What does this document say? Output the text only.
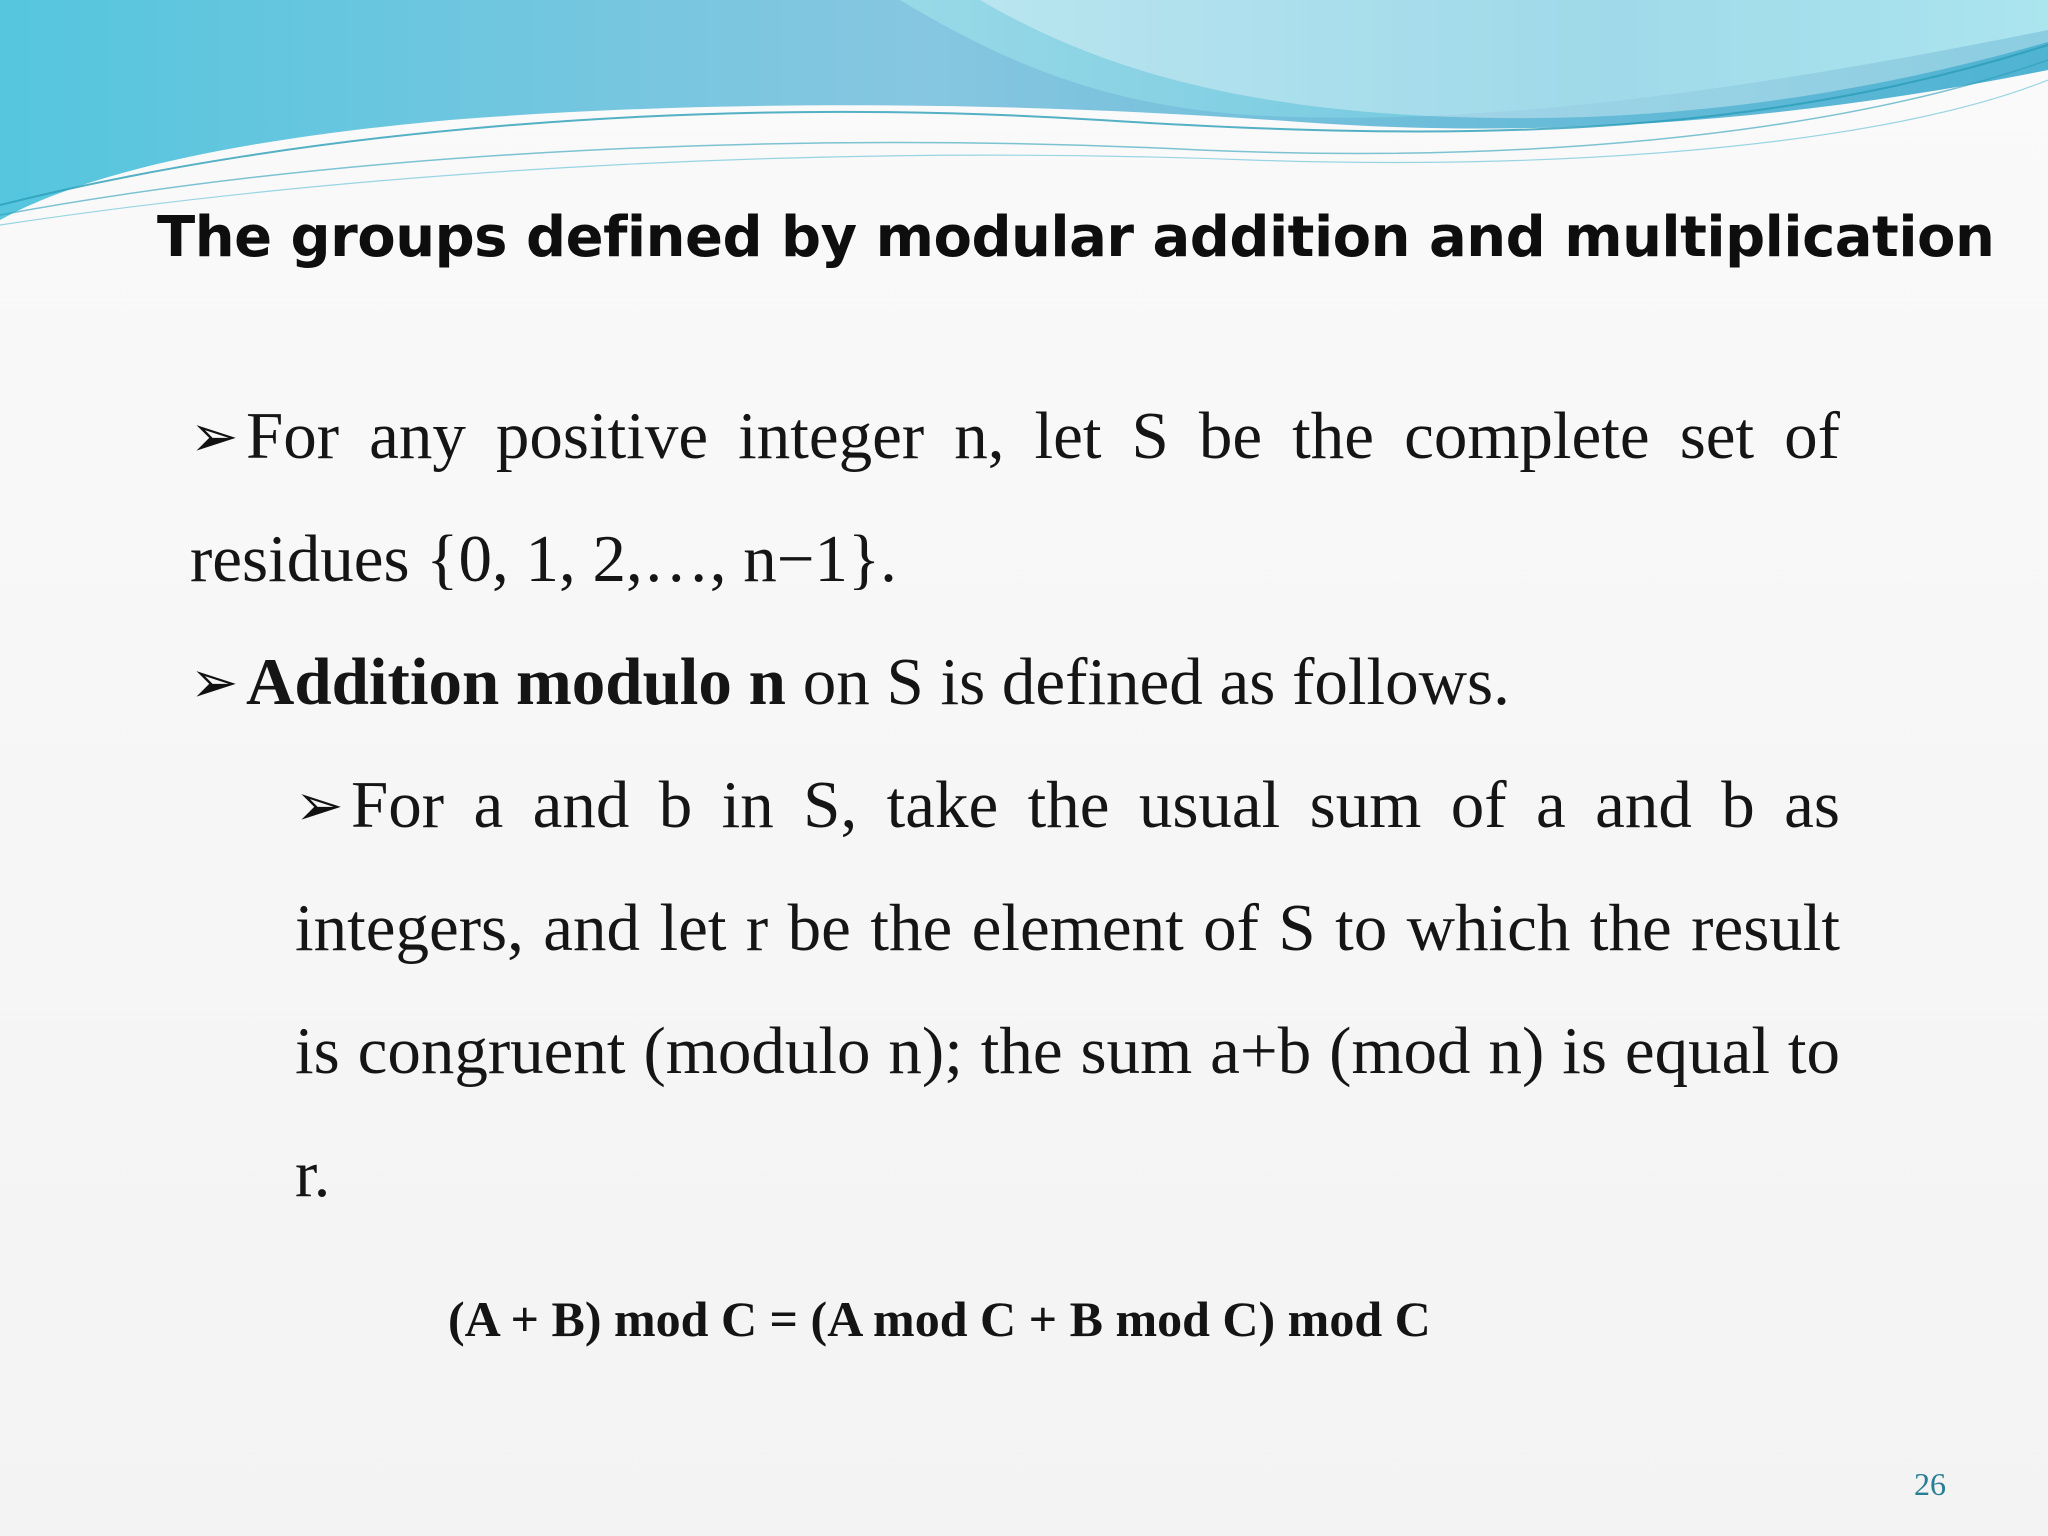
The groups defined by modular addition and multiplication

➢ For any positive integer n, let S be the complete set of residues {0, 1, 2,…, n−1}.

➢ Addition modulo n on S is defined as follows.

➢ For a and b in S, take the usual sum of a and b as integers, and let r be the element of S to which the result is congruent (modulo n); the sum a+b (mod n) is equal to r.

(A + B) mod C = (A mod C + B mod C) mod C
26
